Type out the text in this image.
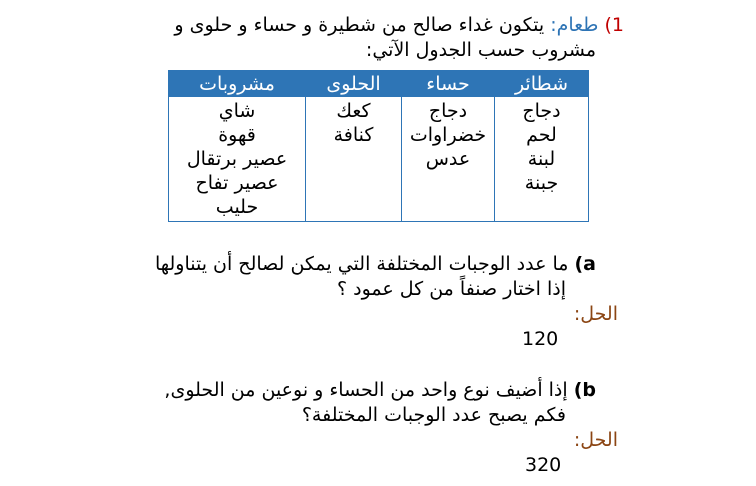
1) طعام: يتكون غداء صالح من شطيرة و حساء و حلوى و
مشروب حسب الجدول الآتي:
شطائر
دجاج
لحم
لبنة
جبنة
حساء
دجاج
خضراوات
عدس
الحلوى
كعك
كنافة
مشروبات
شاي
قهوة
عصير برتقال
عصير تفاح
حليب
a) ما عدد الوجبات المختلفة التي يمكن لصالح أن يتناولها
إذا اختار صنفاً من كل عمود ؟
الحل:
120
b) إذا أضيف نوع واحد من الحساء و نوعين من الحلوى,
فكم يصبح عدد الوجبات المختلفة؟
الحل:
320
